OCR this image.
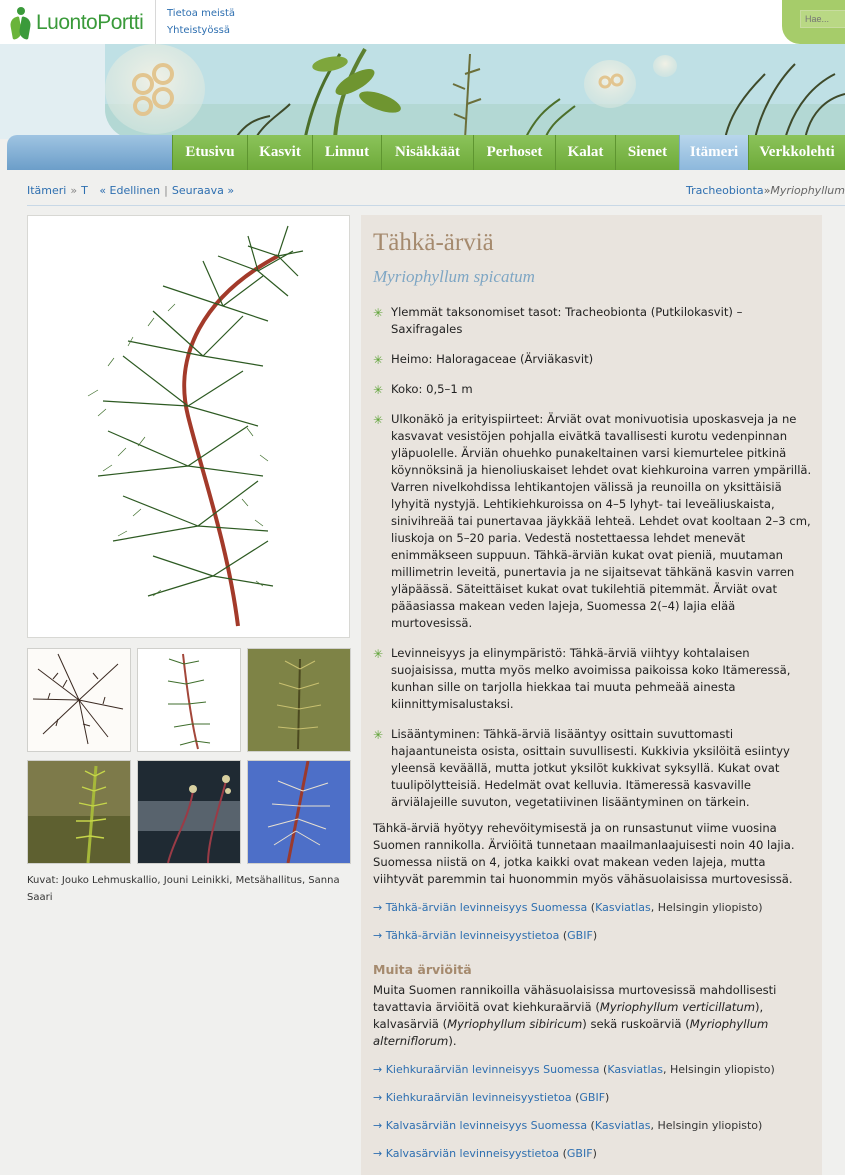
LuontoPortti Tietoa meistä
Yhteistyössä
Hae...
Etusivu	Kasvit	Linnut	Nisäkkäät	Perhoset	Kalat	Sienet	Itämeri	Verkkolehti
Itämeri » T « Edellinen | Seuraava »	Tracheobionta»Myriophyllum
Kuvat: Jouko Lehmuskallio, Jouni Leinikki, Metsähallitus, Sanna Saari
Tähkä-ärviä
Myriophyllum spicatum
✳ Ylemmät taksonomiset tasot: Tracheobionta (Putkilokasvit) – Saxifragales
✳ Heimo: Haloragaceae (Ärviäkasvit)
✳ Koko: 0,5–1 m
✳ Ulkonäkö ja erityispiirteet: Ärviät ovat monivuotisia uposkasveja ja ne kasvavat vesistöjen pohjalla eivätkä tavallisesti kurotu vedenpinnan yläpuolelle. Ärviän ohuehko punakeltainen varsi kiemurtelee pitkinä köynnöksinä ja hienoliuskaiset lehdet ovat kiehkuroina varren ympärillä. Varren nivelkohdissa lehtikantojen välissä ja reunoilla on yksittäisiä lyhyitä nystyjä. Lehtikiehkuroissa on 4–5 lyhyt- tai leveäliuskaista, sinivihreää tai punertavaa jäykkää lehteä. Lehdet ovat kooltaan 2–3 cm, liuskoja on 5–20 paria. Vedestä nostettaessa lehdet menevät enimmäkseen suppuun. Tähkä-ärviän kukat ovat pieniä, muutaman millimetrin leveitä, punertavia ja ne sijaitsevat tähkänä kasvin varren yläpäässä. Säteittäiset kukat ovat tukilehtiä pitemmät. Ärviät ovat pääasiassa makean veden lajeja, Suomessa 2(–4) lajia elää murtovesissä.
✳ Levinneisyys ja elinympäristö: Tähkä-ärviä viihtyy kohtalaisen suojaisissa, mutta myös melko avoimissa paikoissa koko Itämeressä, kunhan sille on tarjolla hiekkaa tai muuta pehmeää ainesta kiinnittymisalustaksi.
✳ Lisääntyminen: Tähkä-ärviä lisääntyy osittain suvuttomasti hajaantuneista osista, osittain suvullisesti. Kukkivia yksilöitä esiintyy yleensä keväällä, mutta jotkut yksilöt kukkivat syksyllä. Kukat ovat tuulipölytteisiä. Hedelmät ovat kelluvia. Itämeressä kasvaville ärviälajeille suvuton, vegetatiivinen lisääntyminen on tärkein.

Tähkä-ärviä hyötyy rehevöitymisestä ja on runsastunut viime vuosina Suomen rannikolla. Ärviöitä tunnetaan maailmanlaajuisesti noin 40 lajia. Suomessa niistä on 4, jotka kaikki ovat makean veden lajeja, mutta viihtyvät paremmin tai huonommin myös vähäsuolaisissa murtovesissä.

→ Tähkä-ärviän levinneisyys Suomessa (Kasviatlas, Helsingin yliopisto)
→ Tähkä-ärviän levinneisyystietoa (GBIF)
Muita ärviöitä

Muita Suomen rannikoilla vähäsuolaisissa murtovesissä mahdollisesti tavattavia ärviöitä ovat kiehkuraärviä (Myriophyllum verticillatum), kalvasärviä (Myriophyllum sibiricum) sekä ruskoärviä (Myriophyllum alterniflorum).

→ Kiehkuraärviän levinneisyys Suomessa (Kasviatlas, Helsingin yliopisto)
→ Kiehkuraärviän levinneisyystietoa (GBIF)
→ Kalvasärviän levinneisyys Suomessa (Kasviatlas, Helsingin yliopisto)
→ Kalvasärviän levinneisyystietoa (GBIF)
